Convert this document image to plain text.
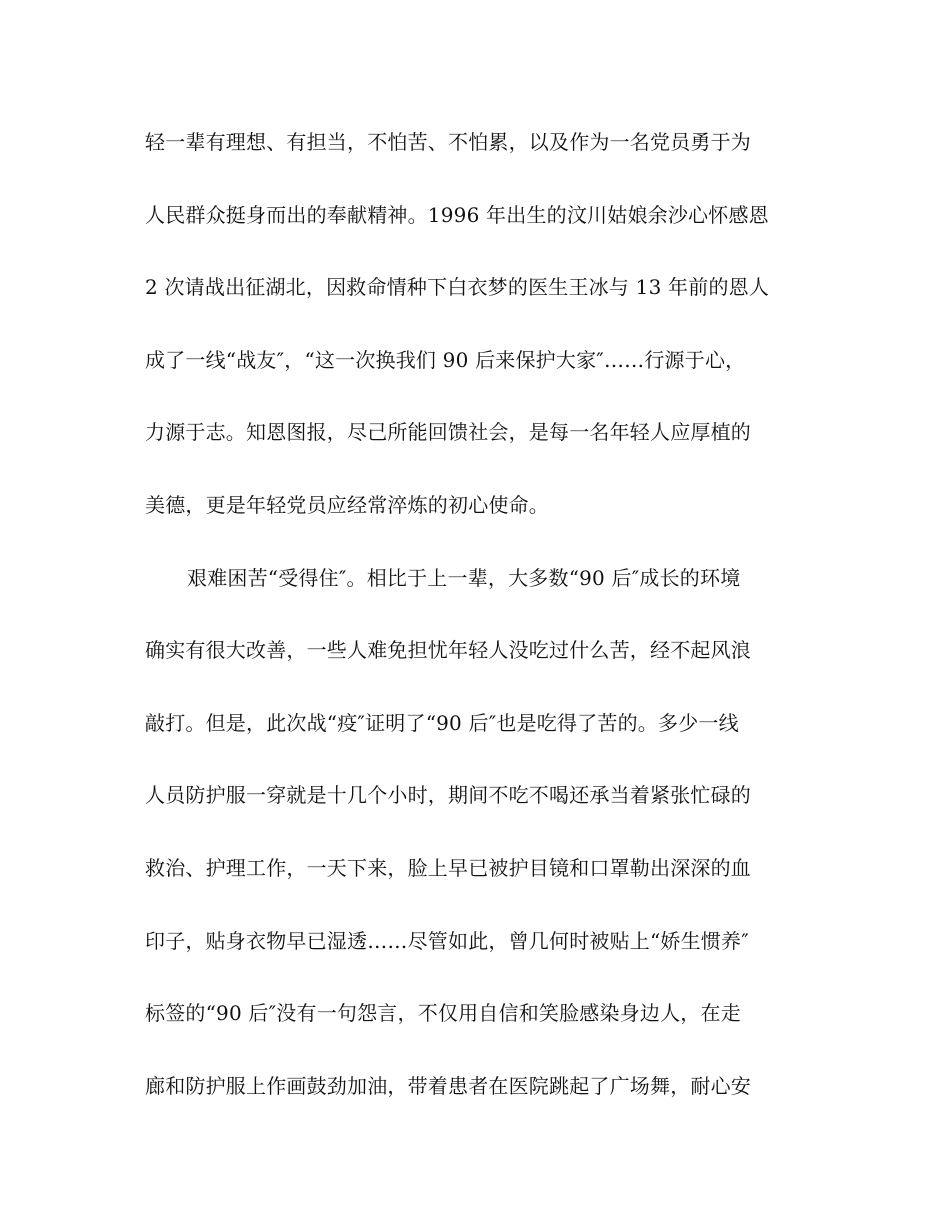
轻一辈有理想、有担当，不怕苦、不怕累，以及作为一名党员勇于为
人民群众挺身而出的奉献精神。1996 年出生的汶川姑娘余沙心怀感恩
2 次请战出征湖北，因救命情种下白衣梦的医生王冰与 13 年前的恩人
成了一线“战友″，“这一次换我们 90 后来保护大家″……行源于心，
力源于志。知恩图报，尽己所能回馈社会，是每一名年轻人应厚植的
美德，更是年轻党员应经常淬炼的初心使命。
艰难困苦“受得住″。相比于上一辈，大多数“90 后″成长的环境
确实有很大改善，一些人难免担忧年轻人没吃过什么苦，经不起风浪
敲打。但是，此次战“疫″证明了“90 后″也是吃得了苦的。多少一线
人员防护服一穿就是十几个小时，期间不吃不喝还承当着紧张忙碌的
救治、护理工作，一天下来，脸上早已被护目镜和口罩勒出深深的血
印子，贴身衣物早已湿透……尽管如此，曾几何时被贴上“娇生惯养″
标签的“90 后″没有一句怨言，不仅用自信和笑脸感染身边人，在走
廊和防护服上作画鼓劲加油，带着患者在医院跳起了广场舞，耐心安
